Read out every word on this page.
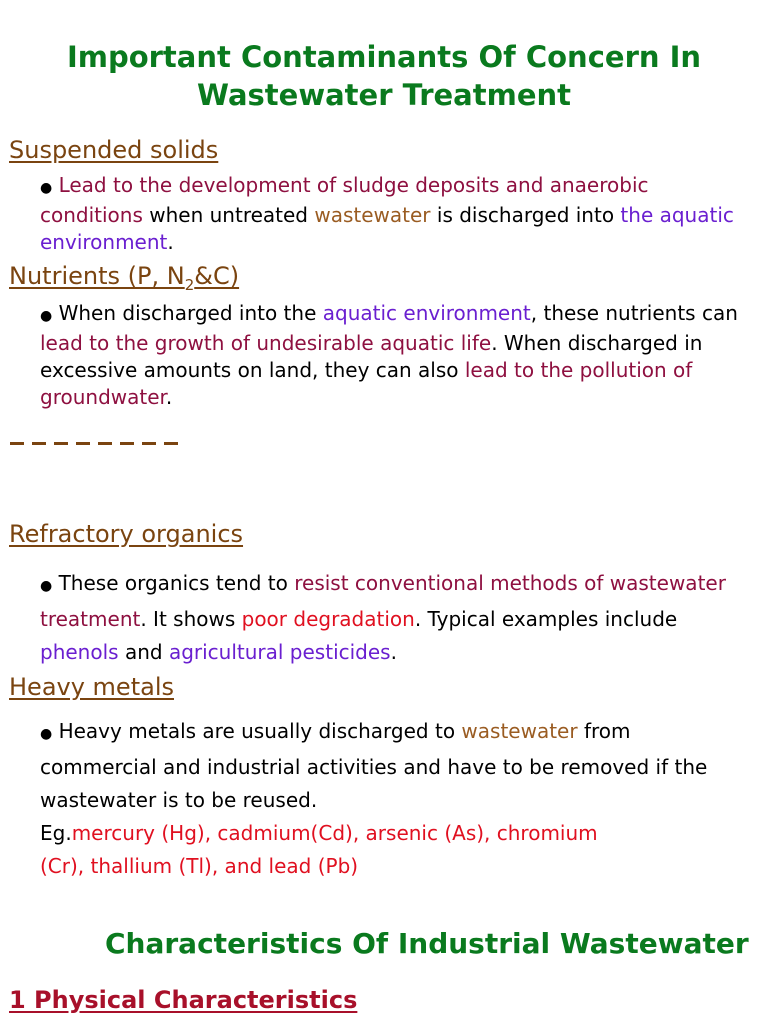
Important Contaminants Of Concern In
Wastewater Treatment
Suspended solids
● Lead to the development of sludge deposits and anaerobic
conditions when untreated wastewater is discharged into the aquatic
environment.
Nutrients (P, $N_2\&C$)
● When discharged into the aquatic environment, these nutrients can
lead to the growth of undesirable aquatic life. When discharged in
excessive amounts on land, they can also lead to the pollution of
groundwater.
Refractory organics
● These organics tend to resist conventional methods of wastewater
treatment. It shows poor degradation. Typical examples include
phenols and agricultural pesticides.
Heavy metals
● Heavy metals are usually discharged to wastewater from
commercial and industrial activities and have to be removed if the
wastewater is to be reused.
Eg.mercury (Hg), cadmium(Cd), arsenic (As), chromium
(Cr), thallium (Tl), and lead (Pb)
Characteristics Of Industrial Wastewater
1 Physical Characteristics
